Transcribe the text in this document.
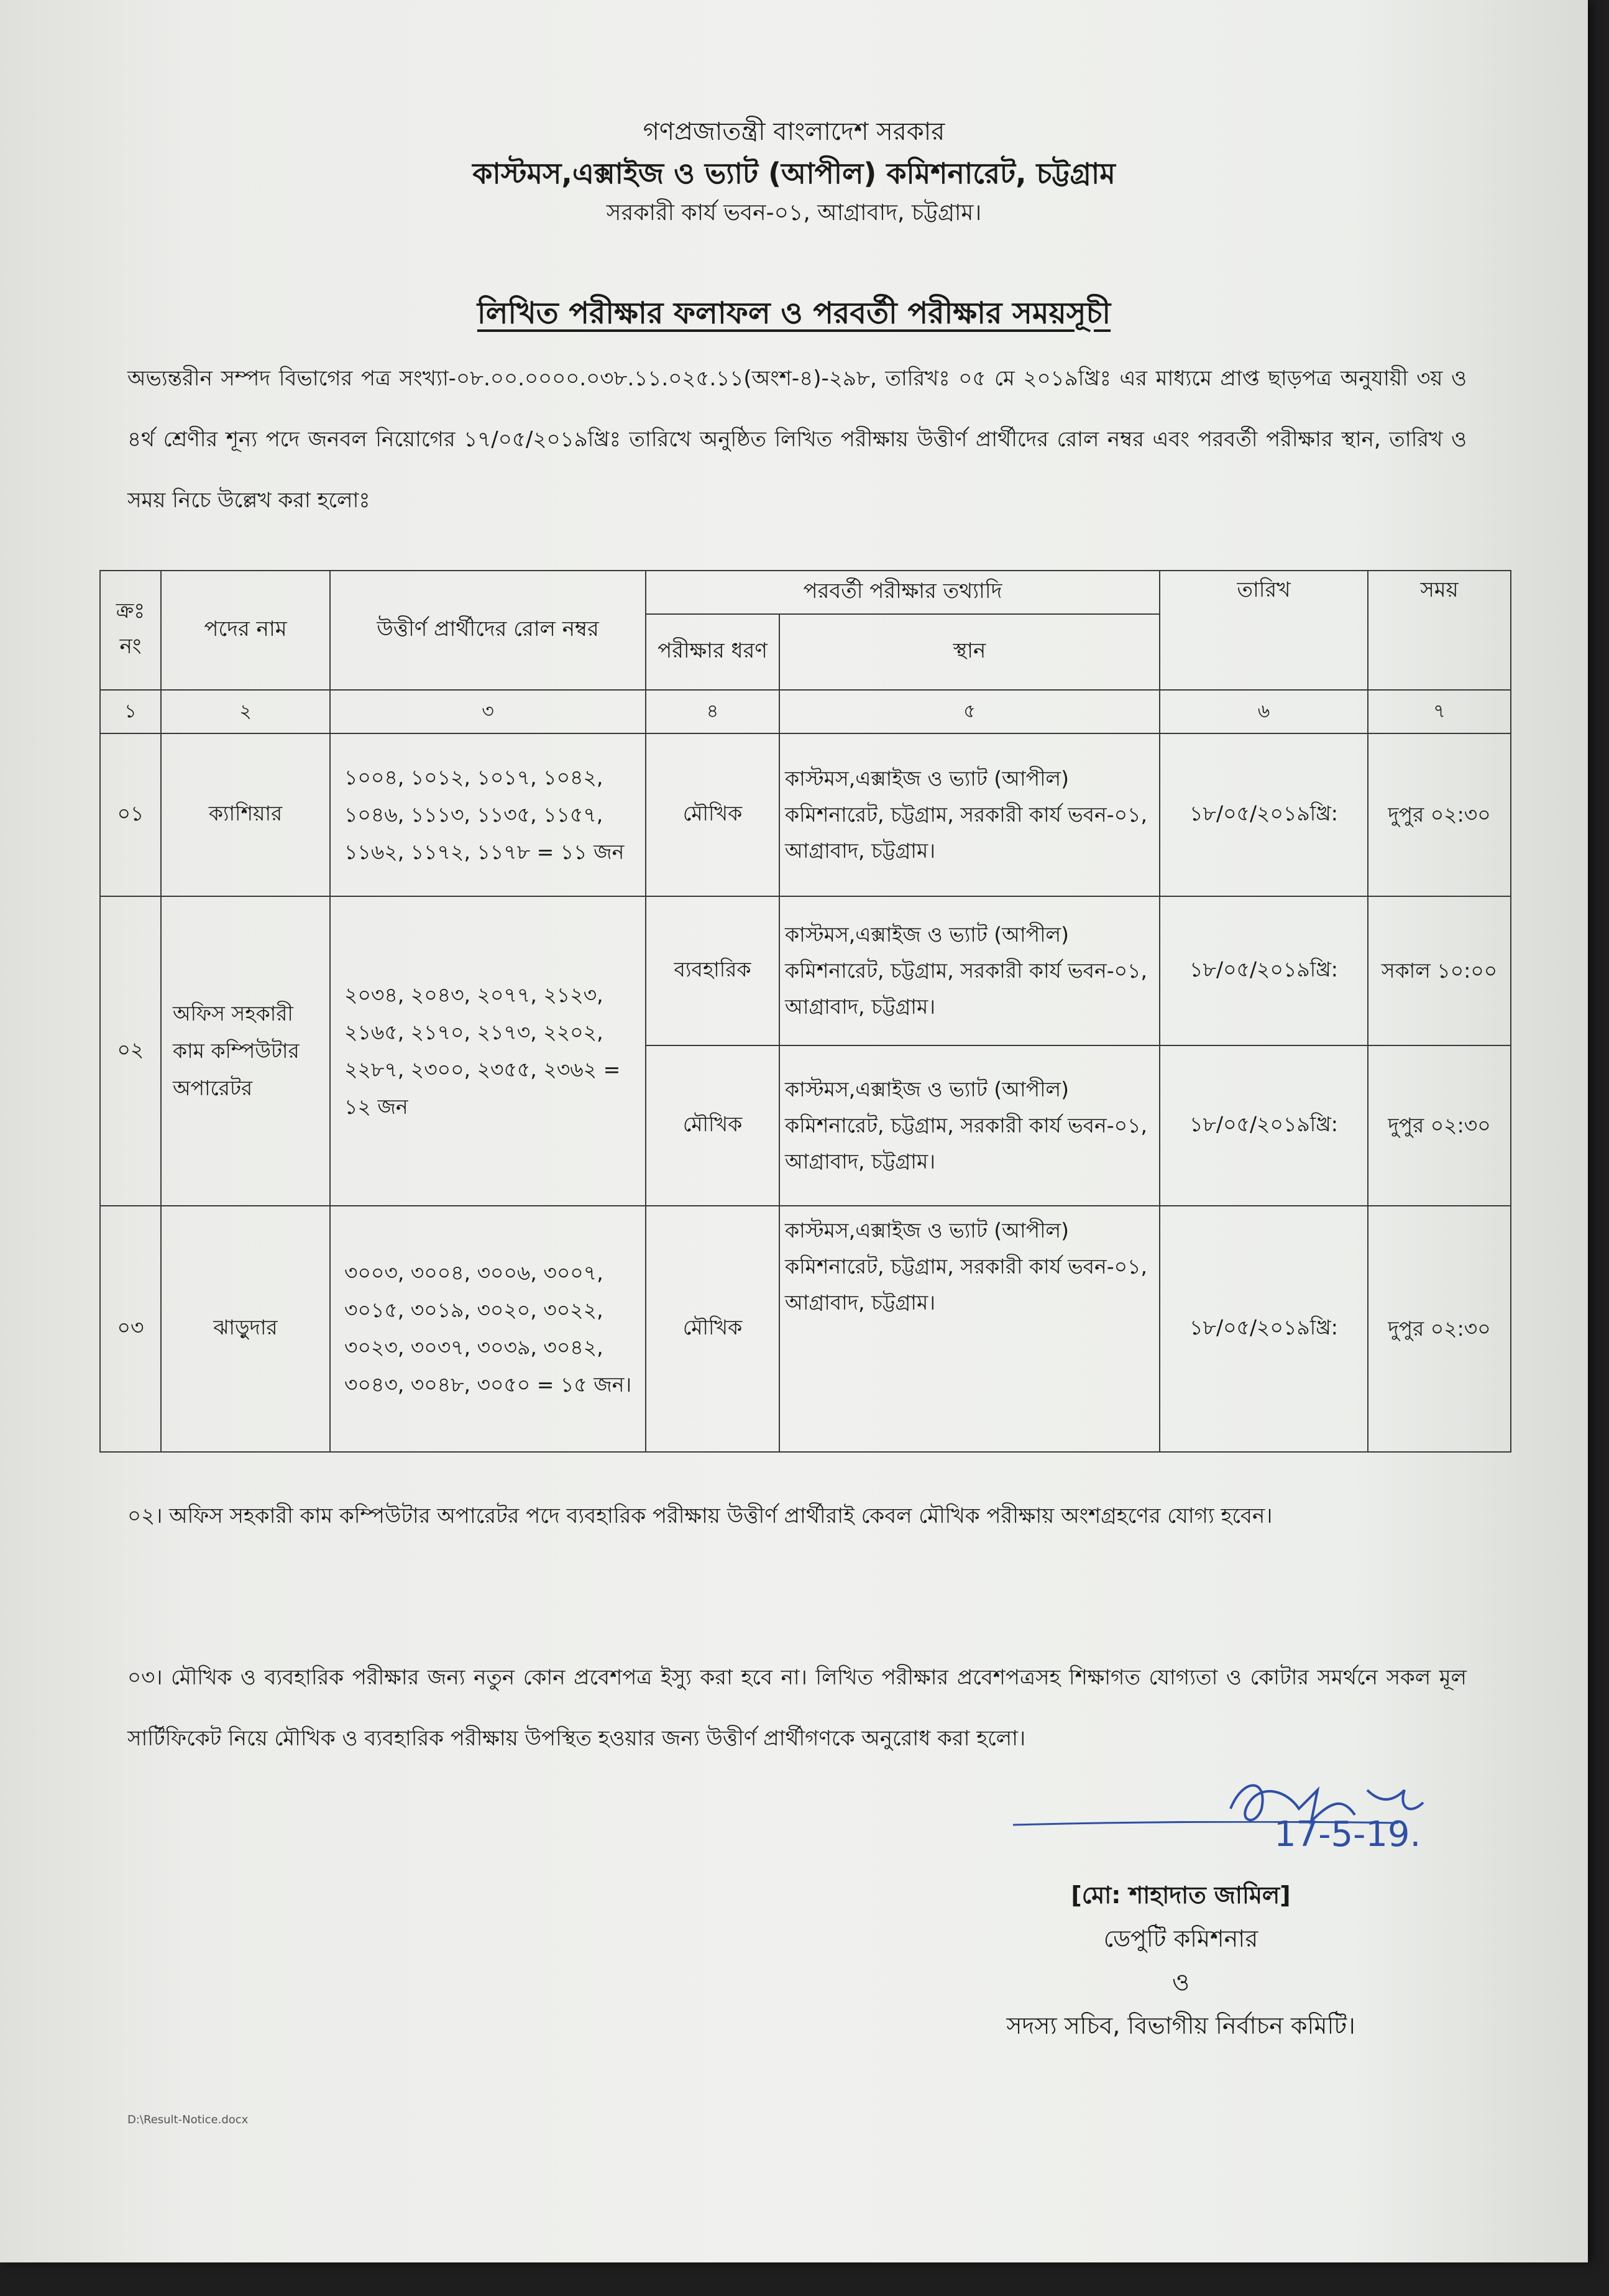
গণপ্রজাতন্ত্রী বাংলাদেশ সরকার
কাস্টমস,এক্সাইজ ও ভ্যাট (আপীল) কমিশনারেট, চট্টগ্রাম
সরকারী কার্য ভবন-০১, আগ্রাবাদ, চট্টগ্রাম।
লিখিত পরীক্ষার ফলাফল ও পরবর্তী পরীক্ষার সময়সূচী
অভ্যন্তরীন সম্পদ বিভাগের পত্র সংখ্যা-০৮.০০.০০০০.০৩৮.১১.০২৫.১১(অংশ-৪)-২৯৮, তারিখঃ ০৫ মে ২০১৯খ্রিঃ এর মাধ্যমে প্রাপ্ত ছাড়পত্র অনুযায়ী ৩য় ও ৪র্থ শ্রেণীর শূন্য পদে জনবল নিয়োগের ১৭/০৫/২০১৯খ্রিঃ তারিখে অনুষ্ঠিত লিখিত পরীক্ষায় উত্তীর্ণ প্রার্থীদের রোল নম্বর এবং পরবর্তী পরীক্ষার স্থান, তারিখ ও সময় নিচে উল্লেখ করা হলোঃ
ক্রঃ নং	পদের নাম	উত্তীর্ণ প্রার্থীদের রোল নম্বর	পরবর্তী পরীক্ষার তথ্যাদি		তারিখ	সময়
			পরীক্ষার ধরণ	স্থান		
১	২	৩	৪	৫	৬	৭
০১	ক্যাশিয়ার	১০০৪, ১০১২, ১০১৭, ১০৪২, ১০৪৬, ১১১৩, ১১৩৫, ১১৫৭, ১১৬২, ১১৭২, ১১৭৮ = ১১ জন	মৌখিক	কাস্টমস,এক্সাইজ ও ভ্যাট (আপীল) কমিশনারেট, চট্টগ্রাম, সরকারী কার্য ভবন-০১, আগ্রাবাদ, চট্টগ্রাম।	১৮/০৫/২০১৯খ্রি:	দুপুর ০২:৩০
০২	অফিস সহকারী কাম কম্পিউটার অপারেটর	২০৩৪, ২০৪৩, ২০৭৭, ২১২৩, ২১৬৫, ২১৭০, ২১৭৩, ২২০২, ২২৮৭, ২৩০০, ২৩৫৫, ২৩৬২ = ১২ জন	ব্যবহারিক	কাস্টমস,এক্সাইজ ও ভ্যাট (আপীল) কমিশনারেট, চট্টগ্রাম, সরকারী কার্য ভবন-০১, আগ্রাবাদ, চট্টগ্রাম।	১৮/০৫/২০১৯খ্রি:	সকাল ১০:০০
			মৌখিক	কাস্টমস,এক্সাইজ ও ভ্যাট (আপীল) কমিশনারেট, চট্টগ্রাম, সরকারী কার্য ভবন-০১, আগ্রাবাদ, চট্টগ্রাম।	১৮/০৫/২০১৯খ্রি:	দুপুর ০২:৩০
০৩	ঝাড়ুদার	৩০০৩, ৩০০৪, ৩০০৬, ৩০০৭, ৩০১৫, ৩০১৯, ৩০২০, ৩০২২, ৩০২৩, ৩০৩৭, ৩০৩৯, ৩০৪২, ৩০৪৩, ৩০৪৮, ৩০৫০ = ১৫ জন।	মৌখিক	কাস্টমস,এক্সাইজ ও ভ্যাট (আপীল) কমিশনারেট, চট্টগ্রাম, সরকারী কার্য ভবন-০১, আগ্রাবাদ, চট্টগ্রাম।	১৮/০৫/২০১৯খ্রি:	দুপুর ০২:৩০
০২। অফিস সহকারী কাম কম্পিউটার অপারেটর পদে ব্যবহারিক পরীক্ষায় উত্তীর্ণ প্রার্থীরাই কেবল মৌখিক পরীক্ষায় অংশগ্রহণের যোগ্য হবেন।
০৩। মৌখিক ও ব্যবহারিক পরীক্ষার জন্য নতুন কোন প্রবেশপত্র ইস্যু করা হবে না। লিখিত পরীক্ষার প্রবেশপত্রসহ শিক্ষাগত যোগ্যতা ও কোটার সমর্থনে সকল মূল সার্টিফিকেট নিয়ে মৌখিক ও ব্যবহারিক পরীক্ষায় উপস্থিত হওয়ার জন্য উত্তীর্ণ প্রার্থীগণকে অনুরোধ করা হলো।
17-5-19.
[মো: শাহাদাত জামিল]
ডেপুটি কমিশনার
ও
সদস্য সচিব, বিভাগীয় নির্বাচন কমিটি।
D:\Result-Notice.docx
